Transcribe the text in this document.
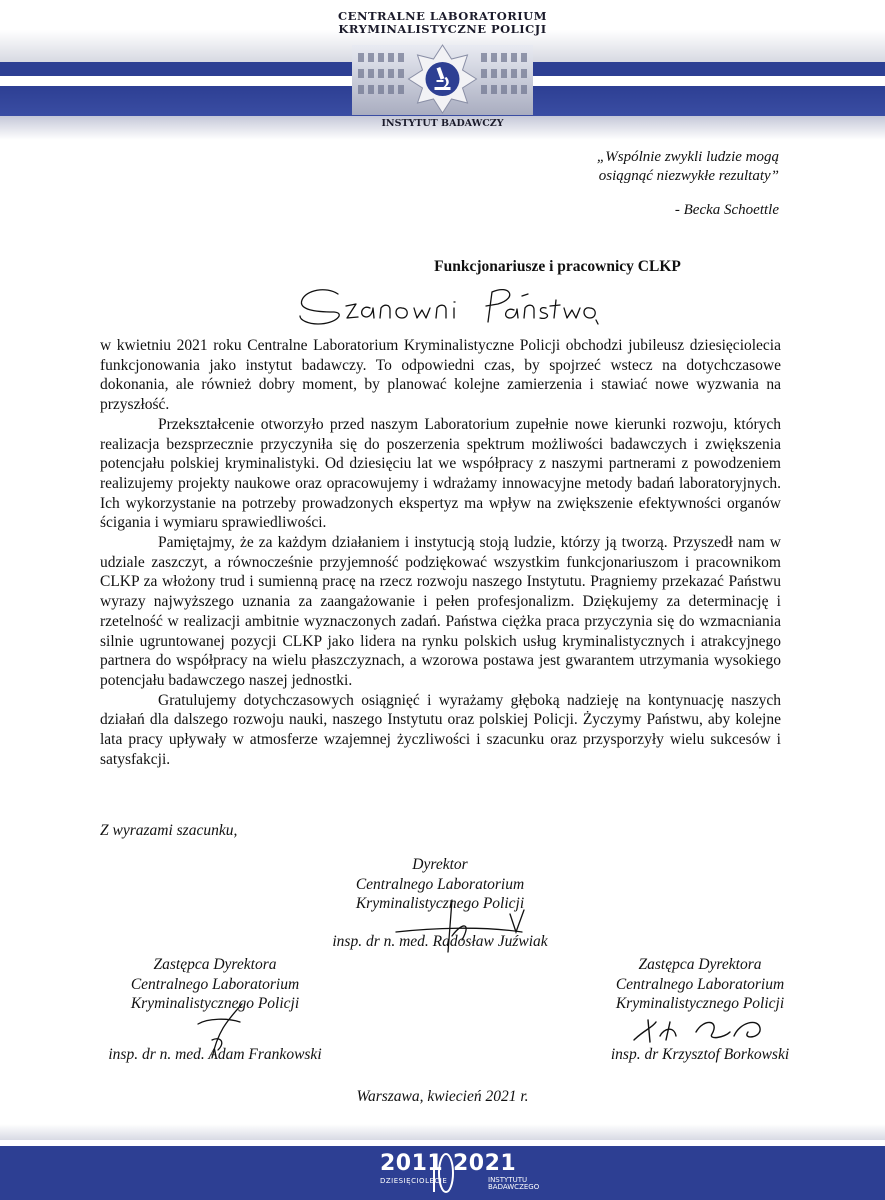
CENTRALNE LABORATORIUM
KRYMINALISTYCZNE POLICJI
INSTYTUT BADAWCZY
„Wspólnie zwykli ludzie mogą
osiągnąć niezwykłe rezultaty”
- Becka Schoettle
Funkcjonariusze i pracownicy CLKP

w kwietniu 2021 roku Centralne Laboratorium Kryminalistyczne Policji obchodzi jubileusz dziesięciolecia funkcjonowania jako instytut badawczy. To odpowiedni czas, by spojrzeć wstecz na dotychczasowe dokonania, ale również dobry moment, by planować kolejne zamierzenia i stawiać nowe wyzwania na przyszłość.

Przekształcenie otworzyło przed naszym Laboratorium zupełnie nowe kierunki rozwoju, których realizacja bezsprzecznie przyczyniła się do poszerzenia spektrum możliwości badawczych i zwiększenia potencjału polskiej kryminalistyki. Od dziesięciu lat we współpracy z naszymi partnerami z powodzeniem realizujemy projekty naukowe oraz opracowujemy i wdrażamy innowacyjne metody badań laboratoryjnych. Ich wykorzystanie na potrzeby prowadzonych ekspertyz ma wpływ na zwiększenie efektywności organów ścigania i wymiaru sprawiedliwości.

Pamiętajmy, że za każdym działaniem i instytucją stoją ludzie, którzy ją tworzą. Przyszedł nam w udziale zaszczyt, a równocześnie przyjemność podziękować wszystkim funkcjonariuszom i pracownikom CLKP za włożony trud i sumienną pracę na rzecz rozwoju naszego Instytutu. Pragniemy przekazać Państwu wyrazy najwyższego uznania za zaangażowanie i pełen profesjonalizm. Dziękujemy za determinację i rzetelność w realizacji ambitnie wyznaczonych zadań. Państwa ciężka praca przyczynia się do wzmacniania silnie ugruntowanej pozycji CLKP jako lidera na rynku polskich usług kryminalistycznych i atrakcyjnego partnera do współpracy na wielu płaszczyznach, a wzorowa postawa jest gwarantem utrzymania wysokiego potencjału badawczego naszej jednostki.

Gratulujemy dotychczasowych osiągnięć i wyrażamy głęboką nadzieję na kontynuację naszych działań dla dalszego rozwoju nauki, naszego Instytutu oraz polskiej Policji. Życzymy Państwu, aby kolejne lata pracy upływały w atmosferze wzajemnej życzliwości i szacunku oraz przysporzyły wielu sukcesów i satysfakcji.

Z wyrazami szacunku,
Dyrektor
Centralnego Laboratorium
Kryminalistycznego Policji
insp. dr n. med. Radosław Juźwiak
Zastępca Dyrektora
Centralnego Laboratorium
Kryminalistycznego Policji
insp. dr n. med. Adam Frankowski
Zastępca Dyrektora
Centralnego Laboratorium
Kryminalistycznego Policji
insp. dr Krzysztof Borkowski
Warszawa, kwiecień 2021 r.
2011 2021
DZIESIĘCIOLECIE	INSTYTUTU
BADAWCZEGO
